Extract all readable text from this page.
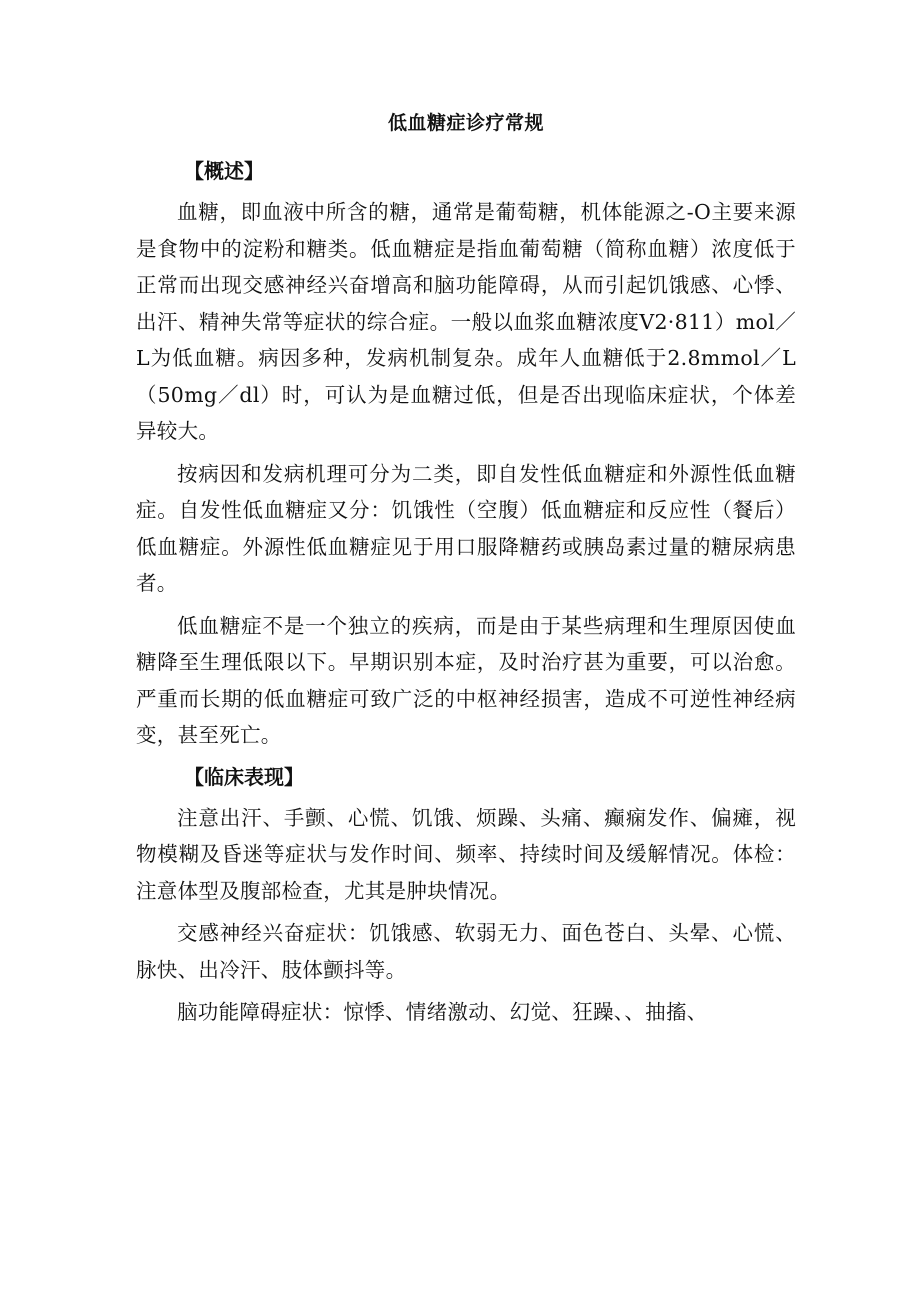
低血糖症诊疗常规
【概述】

血糖，即血液中所含的糖，通常是葡萄糖，机体能源之-O主要来源是食物中的淀粉和糖类。低血糖症是指血葡萄糖（简称血糖）浓度低于正常而出现交感神经兴奋增高和脑功能障碍，从而引起饥饿感、心悸、出汗、精神失常等症状的综合症。一般以血浆血糖浓度V2·811）mol／L为低血糖。病因多种，发病机制复杂。成年人血糖低于2.8mmol／L（50mg／dl）时，可认为是血糖过低，但是否出现临床症状，个体差异较大。

按病因和发病机理可分为二类，即自发性低血糖症和外源性低血糖症。自发性低血糖症又分：饥饿性（空腹）低血糖症和反应性（餐后）低血糖症。外源性低血糖症见于用口服降糖药或胰岛素过量的糖尿病患者。

低血糖症不是一个独立的疾病，而是由于某些病理和生理原因使血糖降至生理低限以下。早期识别本症，及时治疗甚为重要，可以治愈。严重而长期的低血糖症可致广泛的中枢神经损害，造成不可逆性神经病变，甚至死亡。

【临床表现】

注意出汗、手颤、心慌、饥饿、烦躁、头痛、癫痫发作、偏瘫，视物模糊及昏迷等症状与发作时间、频率、持续时间及缓解情况。体检：注意体型及腹部检查，尤其是肿块情况。

交感神经兴奋症状：饥饿感、软弱无力、面色苍白、头晕、心慌、脉快、出冷汗、肢体颤抖等。

脑功能障碍症状：惊悸、情绪激动、幻觉、狂躁、、抽搐、
